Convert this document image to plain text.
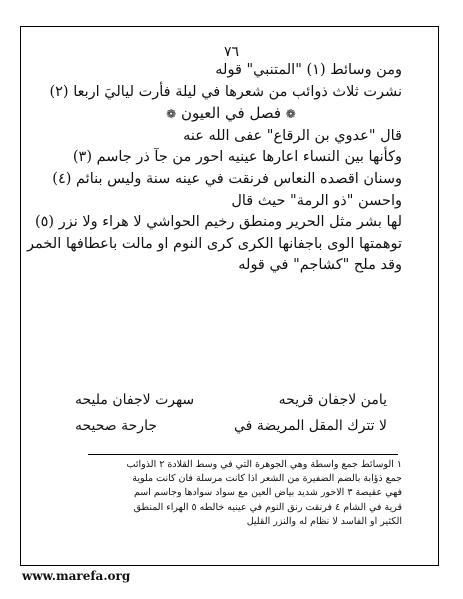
٧٦
ومن وسائط (١) "المتنبي" قوله
نشرت ثلاث ذوائب من شعرها في ليلة فأرت لياليَ اربعا (٢)
❁ فصل في العيون ❁
قال "عدوي بن الرقاع" عفى الله عنه
وكأنها بين النساء اعارها عينيه احور من جآ ذر جاسم (٣)
وسنان اقصده النعاس فرنقت في عينه سنة وليس بنائم (٤)
واحسن "ذو الرمة" حيث قال
لها بشر مثل الحرير ومنطق رخيم الحواشي لا هراء ولا نزر (٥)
توهمتها الوى باجفانها الكرى كرى النوم او مالت باعطافها الخمر
وقد ملح "كشاجم" في قوله
يامن لاجفان قريحه
سهرت لاجفان مليحه
لا تترك المقل المريضة في
جارحة صحيحه
١ الوسائط جمع واسطة وهي الجوهرة التي في وسط القلادة ٢ الذوائب
جمع ذؤابة بالضم الضفيرة من الشعر اذا كانت مرسلة فان كانت ملوية
فهي عقيصة ٣ الاحور شديد بياض العين مع سواد سوادها وجاسم اسم
قرية في الشام ٤ فرنقت رنق النوم في عينيه خالطه ٥ الهراء المنطق
الكثير او الفاسد لا نظام له والنزر القليل
www.marefa.org
